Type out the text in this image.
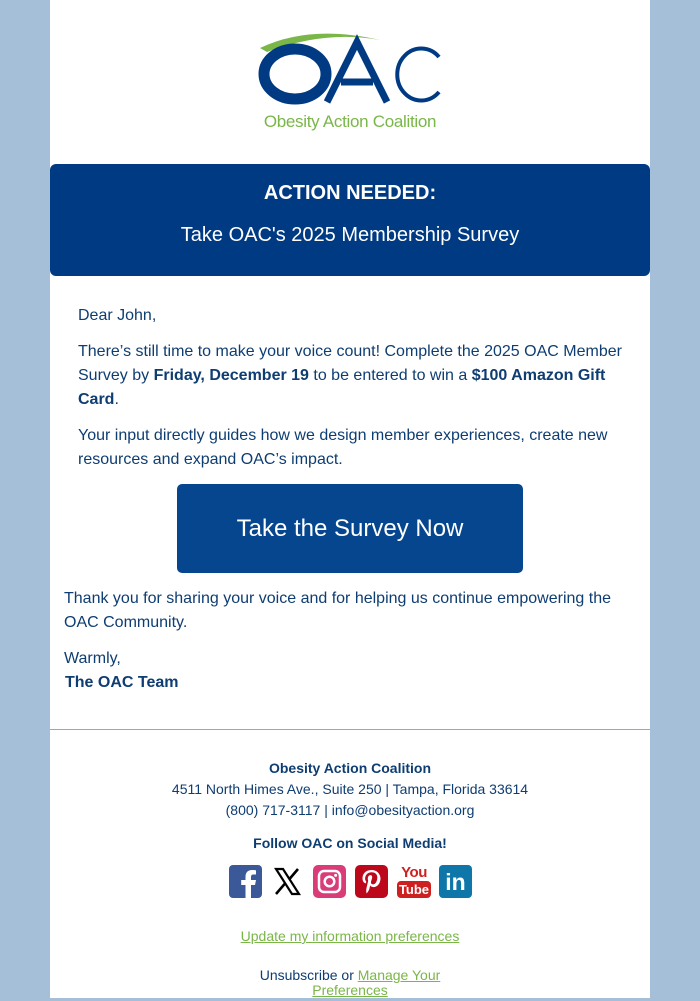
Obesity Action Coalition
ACTION NEEDED:
Take OAC's 2025 Membership Survey
Dear John,
There’s still time to make your voice count! Complete the 2025 OAC Member Survey by Friday, December 19 to be entered to win a $100 Amazon Gift Card.
Your input directly guides how we design member experiences, create new resources and expand OAC’s impact.
Take the Survey Now
Thank you for sharing your voice and for helping us continue empowering the OAC Community.
Warmly,
The OAC Team
Obesity Action Coalition
4511 North Himes Ave., Suite 250 | Tampa, Florida 33614
(800) 717-3117 | info@obesityaction.org
Follow OAC on Social Media!
You
Tube in
Update my information preferences
Unsubscribe or Manage Your
Preferences
